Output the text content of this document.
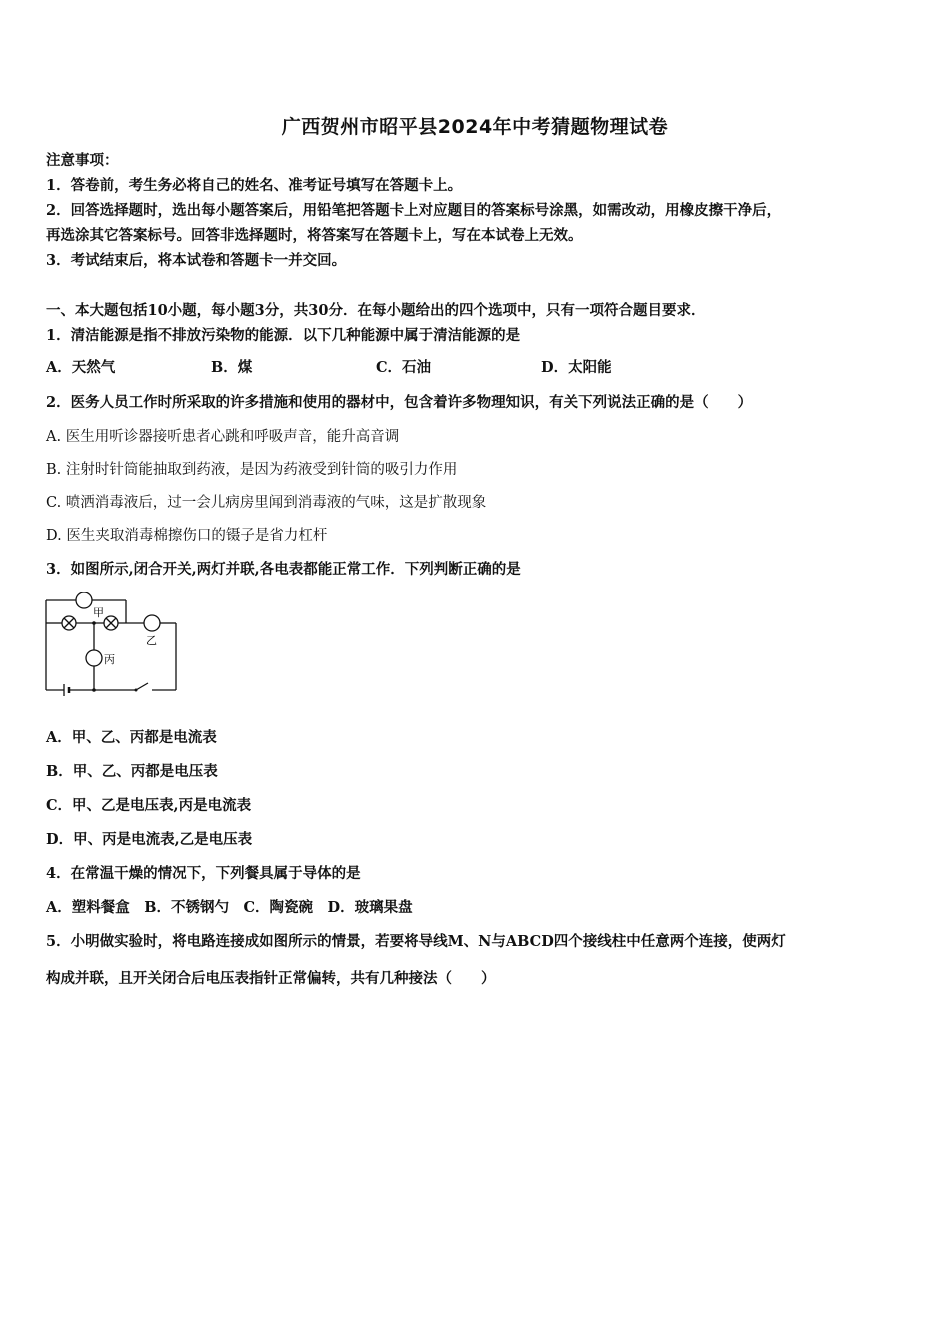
广西贺州市昭平县2024年中考猜题物理试卷
注意事项：
1．答卷前，考生务必将自己的姓名、准考证号填写在答题卡上。
2．回答选择题时，选出每小题答案后，用铅笔把答题卡上对应题目的答案标号涂黑，如需改动，用橡皮擦干净后，
再选涂其它答案标号。回答非选择题时，将答案写在答题卡上，写在本试卷上无效。
3．考试结束后，将本试卷和答题卡一并交回。
一、本大题包括10小题，每小题3分，共30分．在每小题给出的四个选项中，只有一项符合题目要求．
1．清洁能源是指不排放污染物的能源．以下几种能源中属于清洁能源的是
A．天然气	B．煤	C．石油	D．太阳能
2．医务人员工作时所采取的许多措施和使用的器材中，包含着许多物理知识，有关下列说法正确的是（　　）
A. 医生用听诊器接听患者心跳和呼吸声音，能升高音调
B. 注射时针筒能抽取到药液，是因为药液受到针筒的吸引力作用
C. 喷洒消毒液后，过一会儿病房里闻到消毒液的气味，这是扩散现象
D. 医生夹取消毒棉擦伤口的镊子是省力杠杆
3．如图所示,闭合开关,两灯并联,各电表都能正常工作．下列判断正确的是
甲
乙
丙
A．甲、乙、丙都是电流表
B．甲、乙、丙都是电压表
C．甲、乙是电压表,丙是电流表
D．甲、丙是电流表,乙是电压表
4．在常温干燥的情况下，下列餐具属于导体的是
A．塑料餐盒　B．不锈钢勺　C．陶瓷碗　D．玻璃果盘
5．小明做实验时，将电路连接成如图所示的情景，若要将导线M、N与ABCD四个接线柱中任意两个连接，使两灯
构成并联，且开关闭合后电压表指针正常偏转，共有几种接法（　　）
